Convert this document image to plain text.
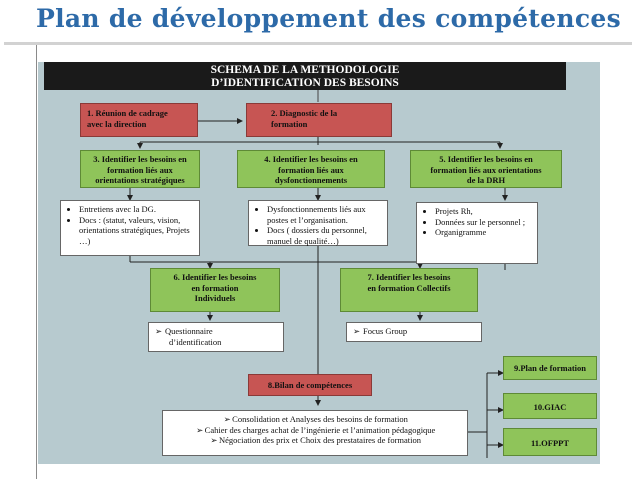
Plan de développement des compétences
SCHEMA DE LA METHODOLOGIE
D’IDENTIFICATION DES BESOINS
1. Réunion de cadrage
avec la direction
2. Diagnostic de la
formation
3. Identifier les besoins en
formation liés aux
orientations stratégiques
4. Identifier les besoins en
formation liés aux
dysfonctionnements
5. Identifier les besoins en
formation liés aux orientations
de la DRH
• Entretiens avec la DG.
• Docs : (statut, valeurs, vision, orientations stratégiques, Projets …)
• Dysfonctionnements liés aux postes et l’organisation.
• Docs ( dossiers du personnel, manuel de qualité…)
• Projets Rh,
• Données sur le personnel ;
• Organigramme
6. Identifier les besoins
en formation
Individuels
7. Identifier les besoins
en formation Collectifs
➢ Questionnaire
d’identification
➢ Focus Group
8.Bilan de compétences
9.Plan de formation
10.GIAC
11.OFPPT
➢Consolidation et Analyses des besoins de formation
➢Cahier des charges achat de l’ingénierie et l’animation pédagogique
➢Négociation des prix et Choix des prestataires de formation
